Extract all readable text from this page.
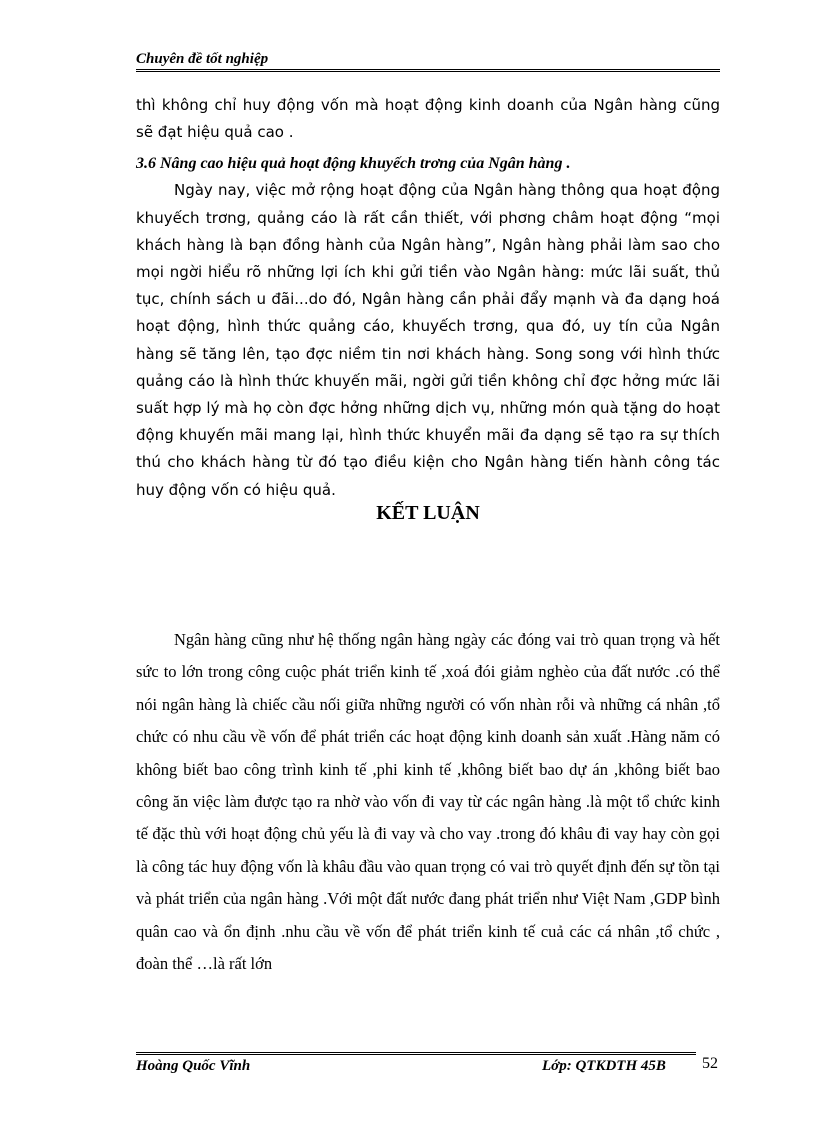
Chuyên đề tốt nghiệp

thì không chỉ huy động vốn mà hoạt động kinh doanh của Ngân hàng cũng sẽ đạt hiệu quả cao .

3.6 Nâng cao hiệu quả hoạt động khuyếch trơng của Ngân hàng .

Ngày nay, việc mở rộng hoạt động của Ngân hàng thông qua hoạt động khuyếch trơng, quảng cáo là rất cần thiết, với phơng châm hoạt động “mọi khách hàng là bạn đồng hành của Ngân hàng”, Ngân hàng phải làm sao cho mọi ngời hiểu rõ những lợi ích khi gửi tiền vào Ngân hàng: mức lãi suất, thủ tục, chính sách u đãi...do đó, Ngân hàng cần phải đẩy mạnh và đa dạng hoá hoạt động, hình thức quảng cáo, khuyếch trơng, qua đó, uy tín của Ngân hàng sẽ tăng lên, tạo đợc niềm tin nơi khách hàng. Song song với hình thức quảng cáo là hình thức khuyến mãi, ngời gửi tiền không chỉ đợc hởng mức lãi suất hợp lý mà họ còn đợc hởng những dịch vụ, những món quà tặng do hoạt động khuyến mãi mang lại, hình thức khuyển mãi đa dạng sẽ tạo ra sự thích thú cho khách hàng từ đó tạo điều kiện cho Ngân hàng tiến hành công tác huy động vốn có hiệu quả.

KẾT LUẬN

Ngân hàng cũng như hệ thống ngân hàng ngày các đóng vai trò quan trọng và hết sức to lớn trong công cuộc phát triển kinh tế ,xoá đói giảm nghèo của đất nước .có thể nói ngân hàng là chiếc cầu nối giữa những người có vốn nhàn rỗi và những cá nhân ,tổ chức có nhu cầu về vốn để phát triển các hoạt động kinh doanh sản xuất .Hàng năm có không biết bao công trình kinh tế ,phi kinh tế ,không biết bao dự án ,không biết bao công ăn việc làm được tạo ra nhờ vào vốn đi vay từ các ngân hàng .là một tổ chức kinh tế đặc thù với hoạt động chủ yếu là đi vay và cho vay .trong đó khâu đi vay hay còn gọi là công tác huy động vốn là khâu đầu vào quan trọng có vai trò quyết định đến sự tồn tại và phát triển của ngân hàng .Với một đất nước đang phát triển như Việt Nam ,GDP bình quân cao và ổn định .nhu cầu về vốn để phát triển kinh tế cuả các cá nhân ,tổ chức , đoàn thể …là rất lớn

Hoàng Quốc Vĩnh	Lớp: QTKDTH 45B 52
